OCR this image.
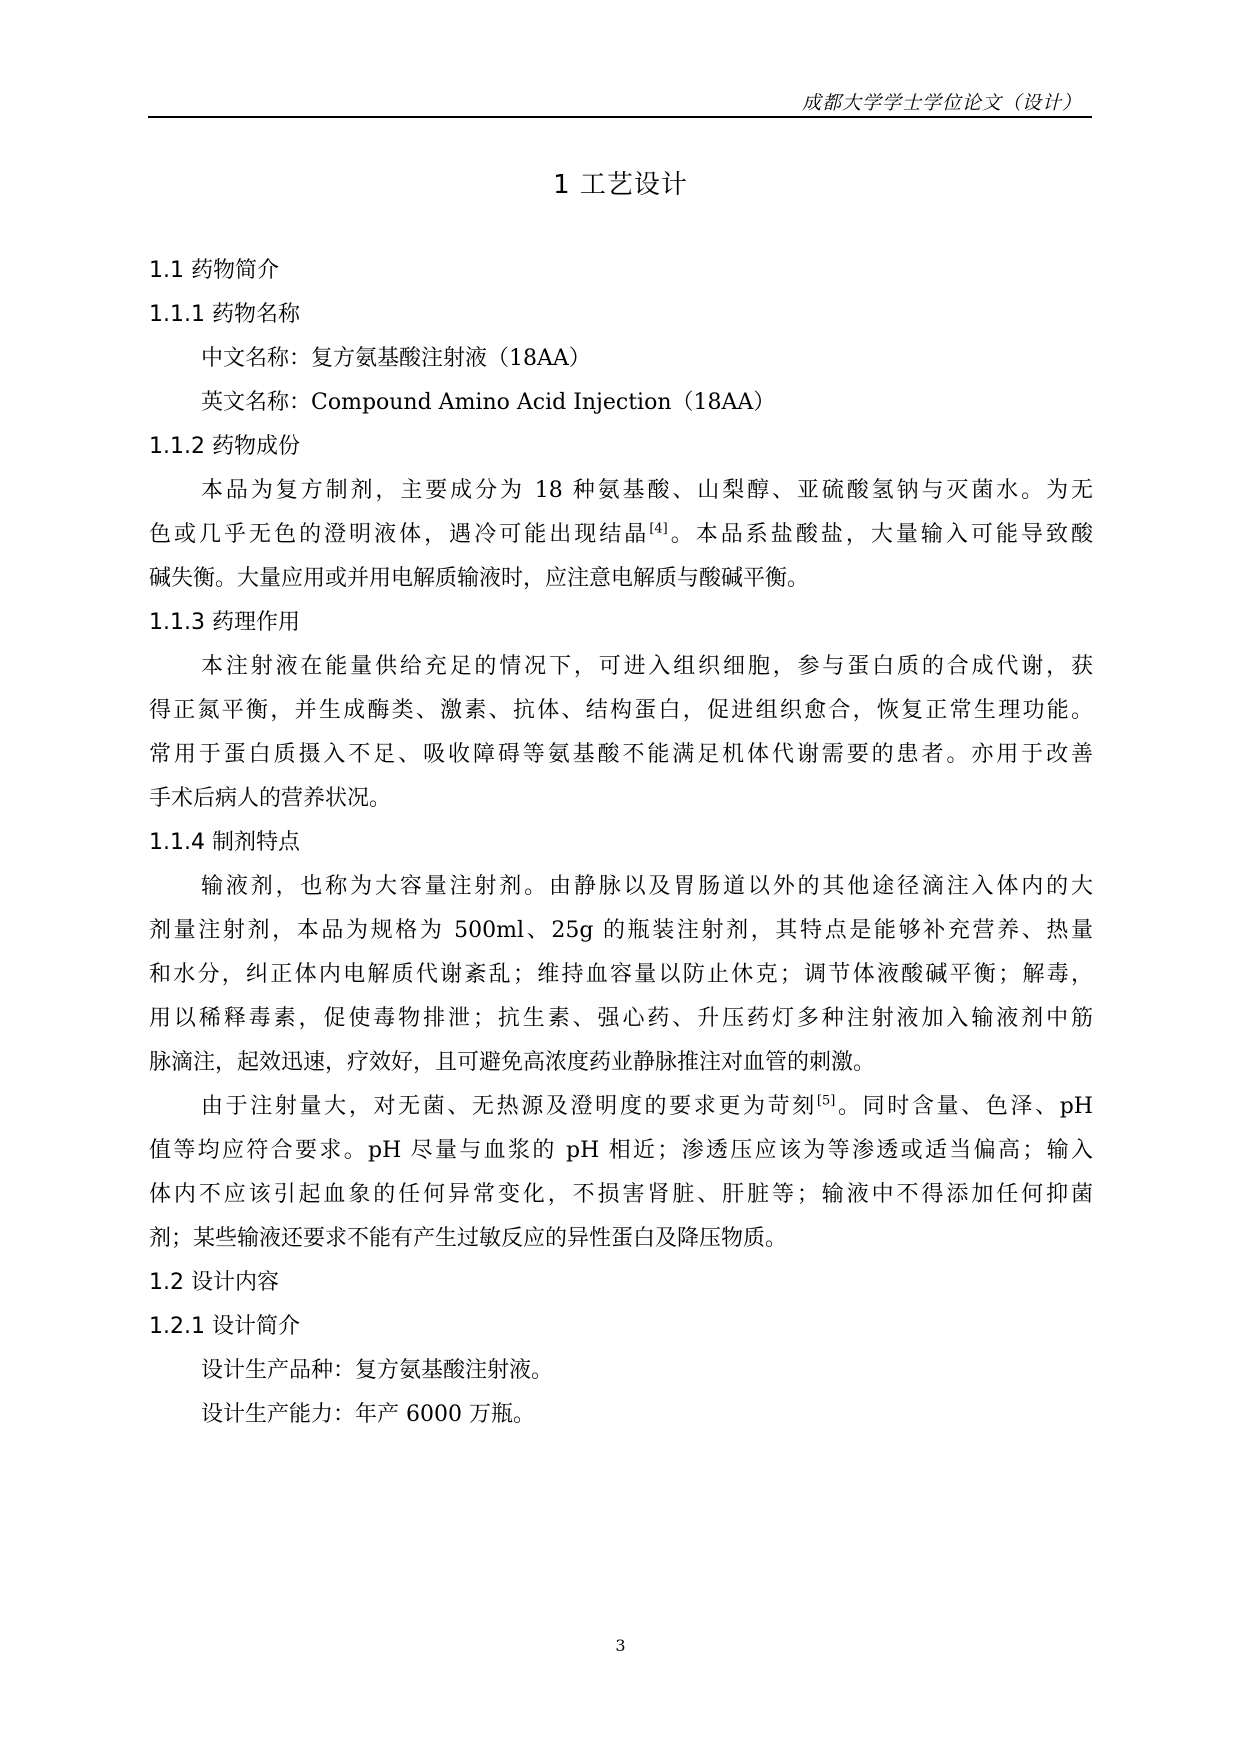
成都大学学士学位论文（设计）
1 工艺设计
1.1 药物简介
1.1.1 药物名称
中文名称：复方氨基酸注射液（18AA）
英文名称：Compound Amino Acid Injection（18AA）
1.1.2 药物成份
本品为复方制剂，主要成分为 18 种氨基酸、山梨醇、亚硫酸氢钠与灭菌水。为无
色或几乎无色的澄明液体，遇冷可能出现结晶[4]。本品系盐酸盐，大量输入可能导致酸
碱失衡。大量应用或并用电解质输液时，应注意电解质与酸碱平衡。
1.1.3 药理作用
本注射液在能量供给充足的情况下，可进入组织细胞，参与蛋白质的合成代谢，获
得正氮平衡，并生成酶类、激素、抗体、结构蛋白，促进组织愈合，恢复正常生理功能。
常用于蛋白质摄入不足、吸收障碍等氨基酸不能满足机体代谢需要的患者。亦用于改善
手术后病人的营养状况。
1.1.4 制剂特点
输液剂，也称为大容量注射剂。由静脉以及胃肠道以外的其他途径滴注入体内的大
剂量注射剂，本品为规格为 500ml、25g 的瓶装注射剂，其特点是能够补充营养、热量
和水分，纠正体内电解质代谢紊乱；维持血容量以防止休克；调节体液酸碱平衡；解毒，
用以稀释毒素，促使毒物排泄；抗生素、强心药、升压药灯多种注射液加入输液剂中筋
脉滴注，起效迅速，疗效好，且可避免高浓度药业静脉推注对血管的刺激。
由于注射量大，对无菌、无热源及澄明度的要求更为苛刻[5]。同时含量、色泽、pH
值等均应符合要求。pH 尽量与血浆的 pH 相近；渗透压应该为等渗透或适当偏高；输入
体内不应该引起血象的任何异常变化，不损害肾脏、肝脏等；输液中不得添加任何抑菌
剂；某些输液还要求不能有产生过敏反应的异性蛋白及降压物质。
1.2 设计内容
1.2.1 设计简介
设计生产品种：复方氨基酸注射液。
设计生产能力：年产 6000 万瓶。
3
